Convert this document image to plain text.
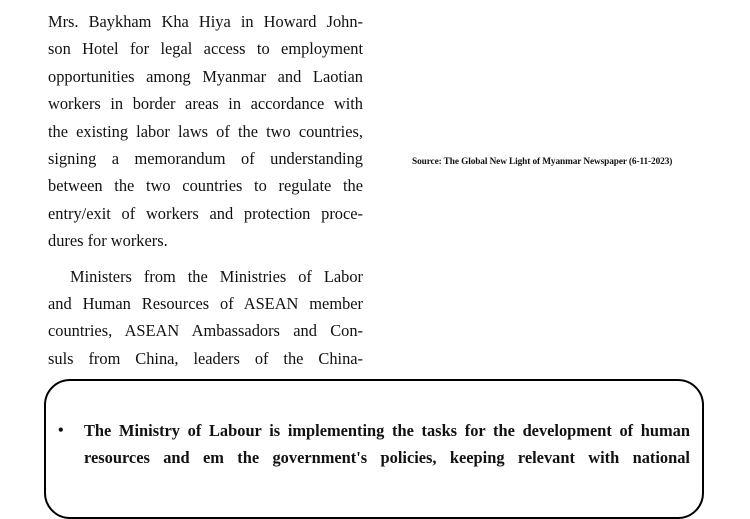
Mrs. Baykham Kha Hiya in Howard John-
son Hotel for legal access to employment
opportunities among Myanmar and Laotian
workers in border areas in accordance with
the existing labor laws of the two countries,
signing a memorandum of understanding
between the two countries to regulate the
entry/exit of workers and protection proce-
dures for workers.

Ministers from the Ministries of Labor
and Human Resources of ASEAN member
countries, ASEAN Ambassadors and Con-
suls from China, leaders of the China-

Source: The Global New Light of Myanmar Newspaper (6-11-2023)
•	The Ministry of Labour is implementing the tasks for the development of human
resources and em the government's policies, keeping relevant with national
